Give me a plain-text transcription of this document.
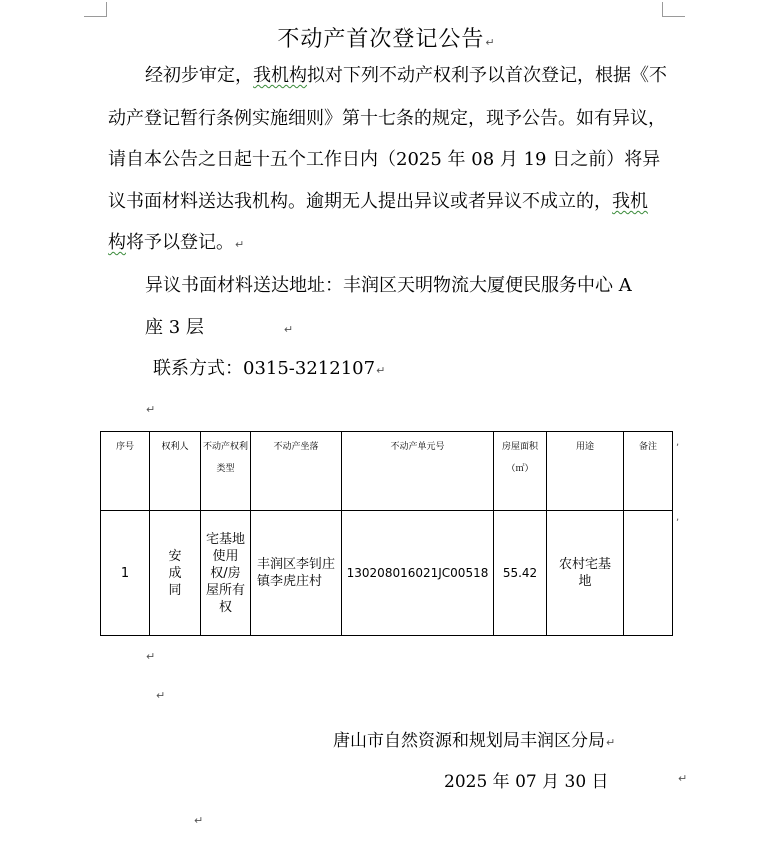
不动产首次登记公告↵
经初步审定，我机构拟对下列不动产权利予以首次登记，根据《不
动产登记暂行条例实施细则》第十七条的规定，现予公告。如有异议，
请自本公告之日起十五个工作日内（2025 年 08 月 19 日之前）将异
议书面材料送达我机构。逾期无人提出异议或者异议不成立的，我机
构将予以登记。↵
异议书面材料送达地址：丰润区天明物流大厦便民服务中心 A
座 3 层	↵
联系方式：0315-3212107↵
↵
序号	权利人	不动产权利类型	不动产坐落	不动产单元号	房屋面积（㎡）	用途	备注
1	安成同	宅基地使用权/房屋所有权	丰润区李钊庄镇李虎庄村	130208016021JC00518	55.42	农村宅基地	

,
,
↵
↵
唐山市自然资源和规划局丰润区分局↵
2025 年 07 月 30 日	↵
↵
